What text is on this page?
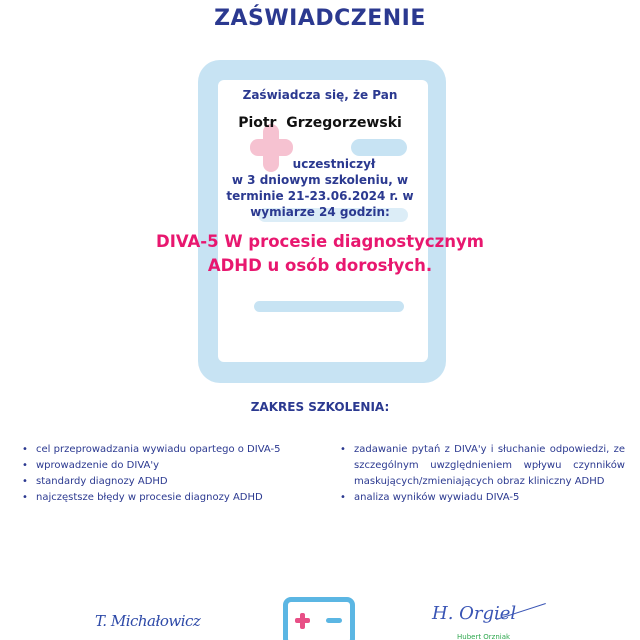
ZAŚWIADCZENIE
Zaświadcza się, że Pan
Piotr  Grzegorzewski
uczestniczył
w 3 dniowym szkoleniu, w
terminie 21-23.06.2024 r. w
wymiarze 24 godzin:
DIVA-5 W procesie diagnostycznym
ADHD u osób dorosłych.
ZAKRES SZKOLENIA:
• cel przeprowadzania wywiadu opartego o DIVA-5
• wprowadzenie do DIVA'y
• standardy diagnozy ADHD
• najczęstsze błędy w procesie diagnozy ADHD
• zadawanie pytań z DIVA'y i słuchanie odpowiedzi, ze szczególnym uwzględnieniem wpływu czynników maskujących/zmieniających obraz kliniczny ADHD
• analiza wyników wywiadu DIVA-5
T. Michałowicz	H. Orgiel
Hubert Orzniak
